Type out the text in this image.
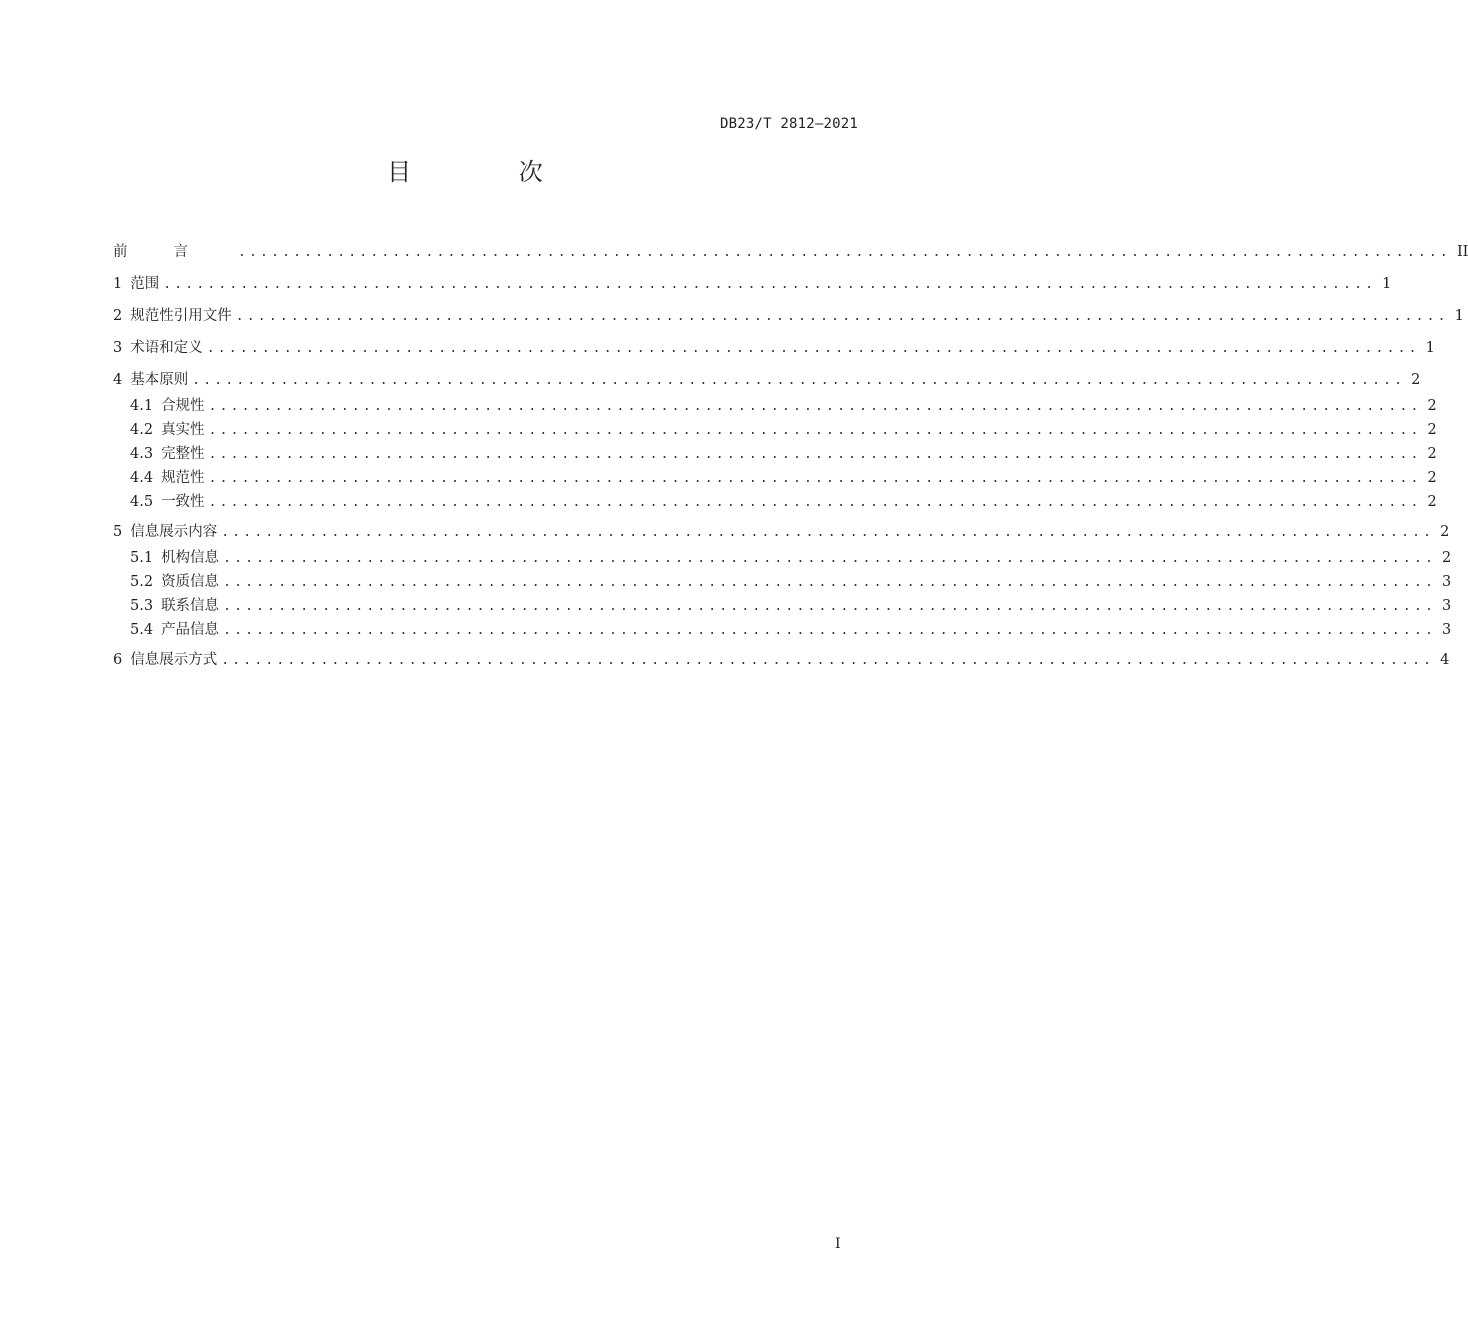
DB23/T 2812—2021
目 次
前言 .............................................................................................................. II
1 范围 .............................................................................................................. 1
2 规范性引用文件 .............................................................................................................. 1
3 术语和定义 .............................................................................................................. 1
4 基本原则 .............................................................................................................. 2
4.1 合规性 .............................................................................................................. 2
4.2 真实性 .............................................................................................................. 2
4.3 完整性 .............................................................................................................. 2
4.4 规范性 .............................................................................................................. 2
4.5 一致性 .............................................................................................................. 2
5 信息展示内容 .............................................................................................................. 2
5.1 机构信息 .............................................................................................................. 2
5.2 资质信息 .............................................................................................................. 3
5.3 联系信息 .............................................................................................................. 3
5.4 产品信息 .............................................................................................................. 3
6 信息展示方式 .............................................................................................................. 4
I
